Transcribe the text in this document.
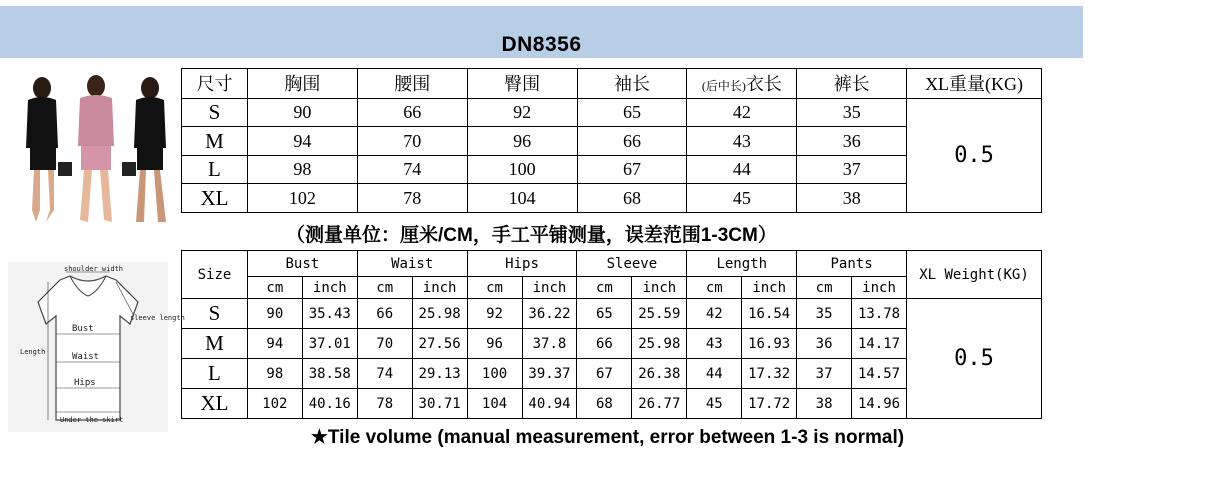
DN8356
尺寸	胸围	腰围	臀围	袖长	(后中长)衣长	裤长	XL重量(KG)
S	90	66	92	65	42	35	0.5
M	94	70	96	66	43	36	
L	98	74	100	67	44	37	
XL	102	78	104	68	45	38	
（测量单位：厘米/CM，手工平铺测量，误差范围1-3CM）
shoulder width
sleeve length
Bust
Waist
Hips
Length
Under the skirt
Size	Bust		Waist		Hips		Sleeve		Length		Pants		XL Weight(KG)
	cm	inch	cm	inch	cm	inch	cm	inch	cm	inch	cm	inch	
S	90	35.43	66	25.98	92	36.22	65	25.59	42	16.54	35	13.78	0.5
M	94	37.01	70	27.56	96	37.8	66	25.98	43	16.93	36	14.17	
L	98	38.58	74	29.13	100	39.37	67	26.38	44	17.32	37	14.57	
XL	102	40.16	78	30.71	104	40.94	68	26.77	45	17.72	38	14.96	
★Tile volume (manual measurement, error between 1-3 is normal)
